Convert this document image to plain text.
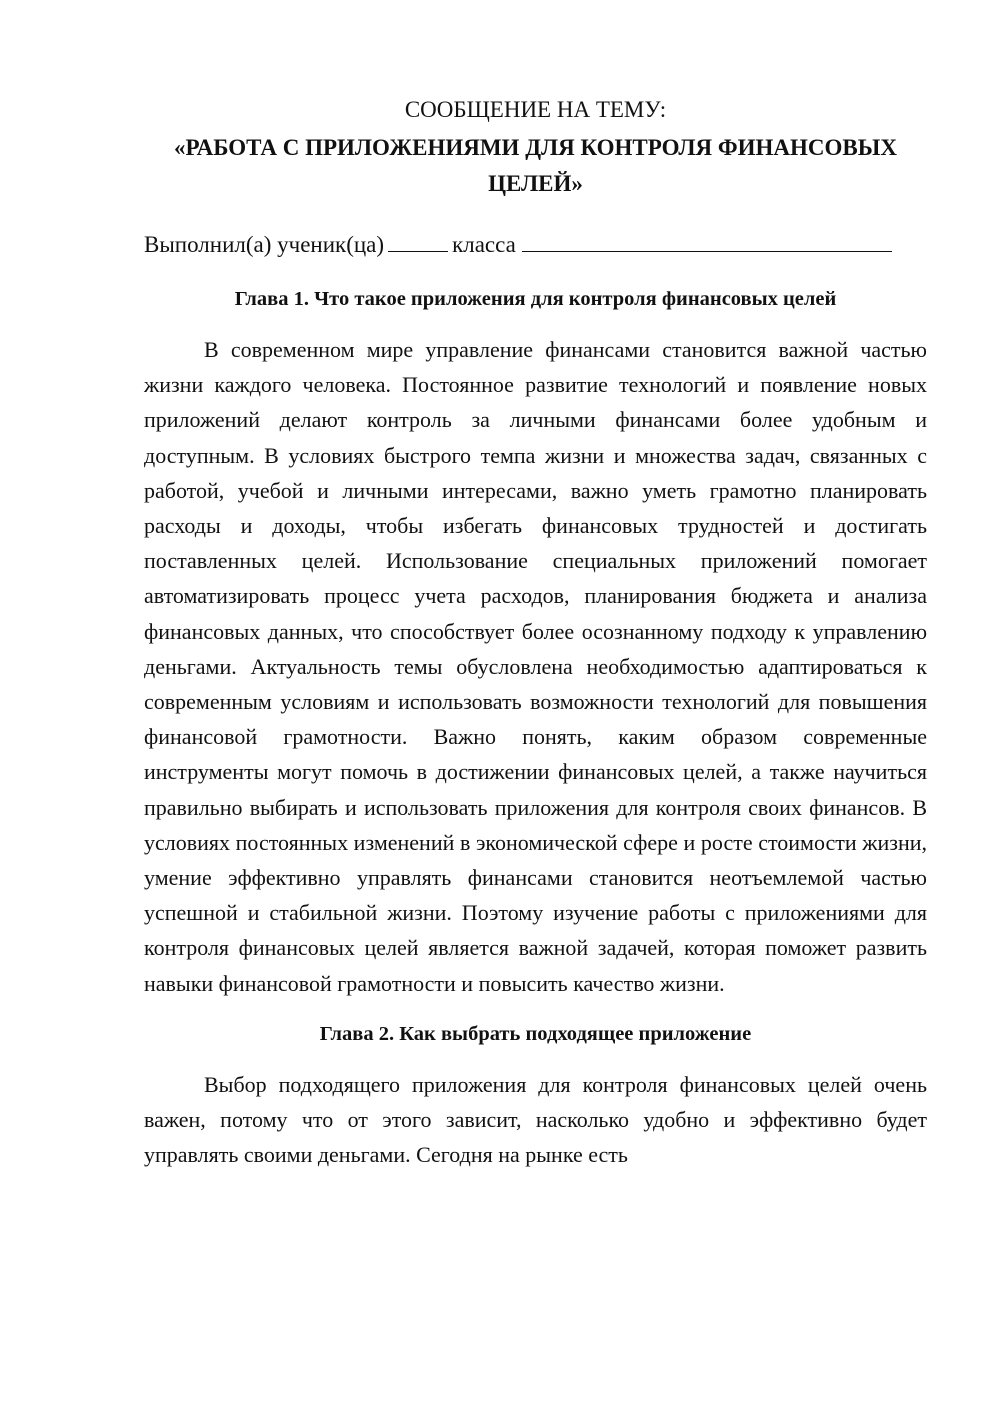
СООБЩЕНИЕ НА ТЕМУ:

«РАБОТА С ПРИЛОЖЕНИЯМИ ДЛЯ КОНТРОЛЯ ФИНАНСОВЫХ ЦЕЛЕЙ»

Выполнил(а) ученик(ца)	класса

Глава 1. Что такое приложения для контроля финансовых целей

В современном мире управление финансами становится важной частью жизни каждого человека. Постоянное развитие технологий и появление новых приложений делают контроль за личными финансами более удобным и доступным. В условиях быстрого темпа жизни и множества задач, связанных с работой, учебой и личными интересами, важно уметь грамотно планировать расходы и доходы, чтобы избегать финансовых трудностей и достигать поставленных целей. Использование специальных приложений помогает автоматизировать процесс учета расходов, планирования бюджета и анализа финансовых данных, что способствует более осознанному подходу к управлению деньгами. Актуальность темы обусловлена необходимостью адаптироваться к современным условиям и использовать возможности технологий для повышения финансовой грамотности. Важно понять, каким образом современные инструменты могут помочь в достижении финансовых целей, а также научиться правильно выбирать и использовать приложения для контроля своих финансов. В условиях постоянных изменений в экономической сфере и росте стоимости жизни, умение эффективно управлять финансами становится неотъемлемой частью успешной и стабильной жизни. Поэтому изучение работы с приложениями для контроля финансовых целей является важной задачей, которая поможет развить навыки финансовой грамотности и повысить качество жизни.

Глава 2. Как выбрать подходящее приложение

Выбор подходящего приложения для контроля финансовых целей очень важен, потому что от этого зависит, насколько удобно и эффективно будет управлять своими деньгами. Сегодня на рынке есть
